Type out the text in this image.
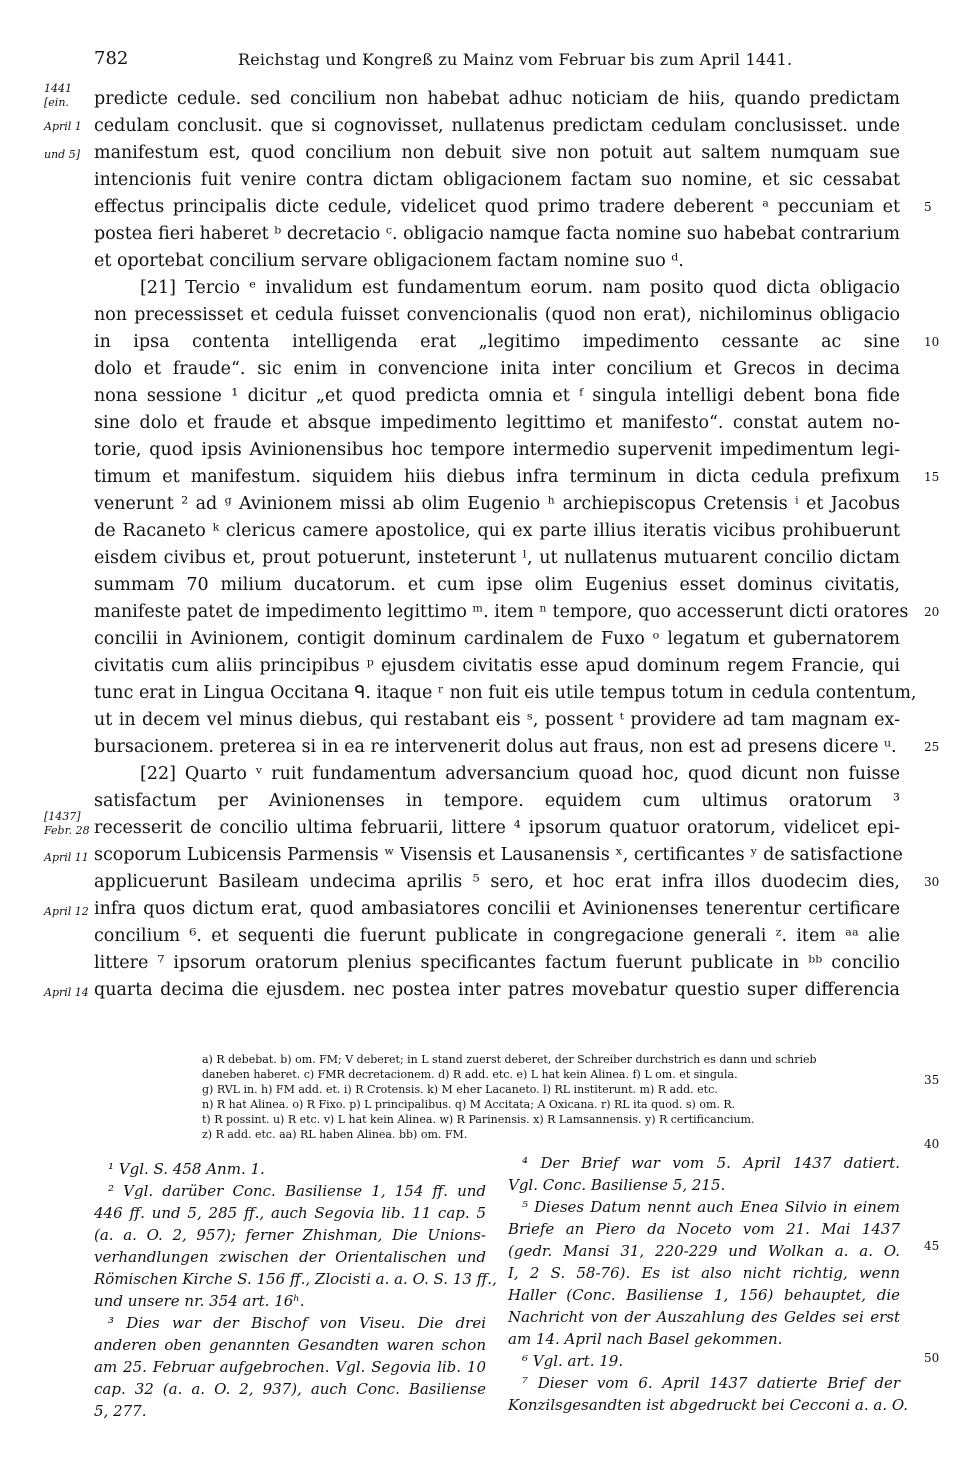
782	Reichstag und Kongreß zu Mainz vom Februar bis zum April 1441.
predicte cedule. sed concilium non habebat adhuc noticiam de hiis, quando predictam
cedulam conclusit. que si cognovisset, nullatenus predictam cedulam conclusisset. unde
manifestum est, quod concilium non debuit sive non potuit aut saltem numquam sue
intencionis fuit venire contra dictam obligacionem factam suo nomine, et sic cessabat
effectus principalis dicte cedule, videlicet quod primo tradere deberent ᵃ peccuniam et
postea fieri haberet ᵇ decretacio ᶜ. obligacio namque facta nomine suo habebat contrarium
et oportebat concilium servare obligacionem factam nomine suo ᵈ.
[21] Tercio ᵉ invalidum est fundamentum eorum. nam posito quod dicta obligacio
non precessisset et cedula fuisset convencionalis (quod non erat), nichilominus obligacio
in ipsa contenta intelligenda erat „legitimo impedimento cessante ac sine
dolo et fraude“. sic enim in convencione inita inter concilium et Grecos in decima
nona sessione ¹ dicitur „et quod predicta omnia et ᶠ singula intelligi debent bona fide
sine dolo et fraude et absque impedimento legittimo et manifesto“. constat autem no-
torie, quod ipsis Avinionensibus hoc tempore intermedio supervenit impedimentum legi-
timum et manifestum. siquidem hiis diebus infra terminum in dicta cedula prefixum
venerunt ² ad ᵍ Avinionem missi ab olim Eugenio ʰ archiepiscopus Cretensis ⁱ et Jacobus
de Racaneto ᵏ clericus camere apostolice, qui ex parte illius iteratis vicibus prohibuerunt
eisdem civibus et, prout potuerunt, insteterunt ˡ, ut nullatenus mutuarent concilio dictam
summam 70 milium ducatorum. et cum ipse olim Eugenius esset dominus civitatis,
manifeste patet de impedimento legittimo ᵐ. item ⁿ tempore, quo accesserunt dicti oratores
concilii in Avinionem, contigit dominum cardinalem de Fuxo ᵒ legatum et gubernatorem
civitatis cum aliis principibus ᵖ ejusdem civitatis esse apud dominum regem Francie, qui
tunc erat in Lingua Occitana ᑫ. itaque ʳ non fuit eis utile tempus totum in cedula contentum,
ut in decem vel minus diebus, qui restabant eis ˢ, possent ᵗ providere ad tam magnam ex-
bursacionem. preterea si in ea re intervenerit dolus aut fraus, non est ad presens dicere ᵘ.
[22] Quarto ᵛ ruit fundamentum adversancium quoad hoc, quod dicunt non fuisse
satisfactum per Avinionenses in tempore. equidem cum ultimus oratorum ³
recesserit de concilio ultima februarii, littere ⁴ ipsorum quatuor oratorum, videlicet epi-
scoporum Lubicensis Parmensis ʷ Visensis et Lausanensis ˣ, certificantes ʸ de satisfactione
applicuerunt Basileam undecima aprilis ⁵ sero, et hoc erat infra illos duodecim dies,
infra quos dictum erat, quod ambasiatores concilii et Avinionenses tenerentur certificare
concilium ⁶. et sequenti die fuerunt publicate in congregacione generali ᶻ. item ᵃᵃ alie
littere ⁷ ipsorum oratorum plenius specificantes factum fuerunt publicate in ᵇᵇ concilio
quarta decima die ejusdem. nec postea inter patres movebatur questio super differencia
5
10
15
20
25
30
1441
[ein.
April 1
und 5]
[1437]
Febr. 28
April 11
April 12
April 14
a) R debebat. b) om. FM; V deberet; in L stand zuerst deberet, der Schreiber durchstrich es dann und schrieb
daneben haberet. c) FMR decretacionem. d) R add. etc. e) L hat kein Alinea. f) L om. et singula.
g) RVL in. h) FM add. et. i) R Crotensis. k) M eher Lacaneto. l) RL institerunt. m) R add. etc.
n) R hat Alinea. o) R Fixo. p) L principalibus. q) M Accitata; A Oxicana. r) RL ita quod. s) om. R.
t) R possint. u) R etc. v) L hat kein Alinea. w) R Parinensis. x) R Lamsannensis. y) R certificancium.
z) R add. etc. aa) RL haben Alinea. bb) om. FM.
35
40
45
50
¹ Vgl. S. 458 Anm. 1.
² Vgl. darüber Conc. Basiliense 1, 154 ff. und
446 ff. und 5, 285 ff., auch Segovia lib. 11 cap. 5
(a. a. O. 2, 957); ferner Zhishman, Die Unions-
verhandlungen zwischen der Orientalischen und
Römischen Kirche S. 156 ff., Zlocisti a. a. O. S. 13 ff.,
und unsere nr. 354 art. 16ʰ.
³ Dies war der Bischof von Viseu. Die drei
anderen oben genannten Gesandten waren schon
am 25. Februar aufgebrochen. Vgl. Segovia lib. 10
cap. 32 (a. a. O. 2, 937), auch Conc. Basiliense
5, 277.
⁴ Der Brief war vom 5. April 1437 datiert.
Vgl. Conc. Basiliense 5, 215.
⁵ Dieses Datum nennt auch Enea Silvio in einem
Briefe an Piero da Noceto vom 21. Mai 1437
(gedr. Mansi 31, 220-229 und Wolkan a. a. O.
I, 2 S. 58-76). Es ist also nicht richtig, wenn
Haller (Conc. Basiliense 1, 156) behauptet, die
Nachricht von der Auszahlung des Geldes sei erst
am 14. April nach Basel gekommen.
⁶ Vgl. art. 19.
⁷ Dieser vom 6. April 1437 datierte Brief der
Konzilsgesandten ist abgedruckt bei Cecconi a. a. O.
